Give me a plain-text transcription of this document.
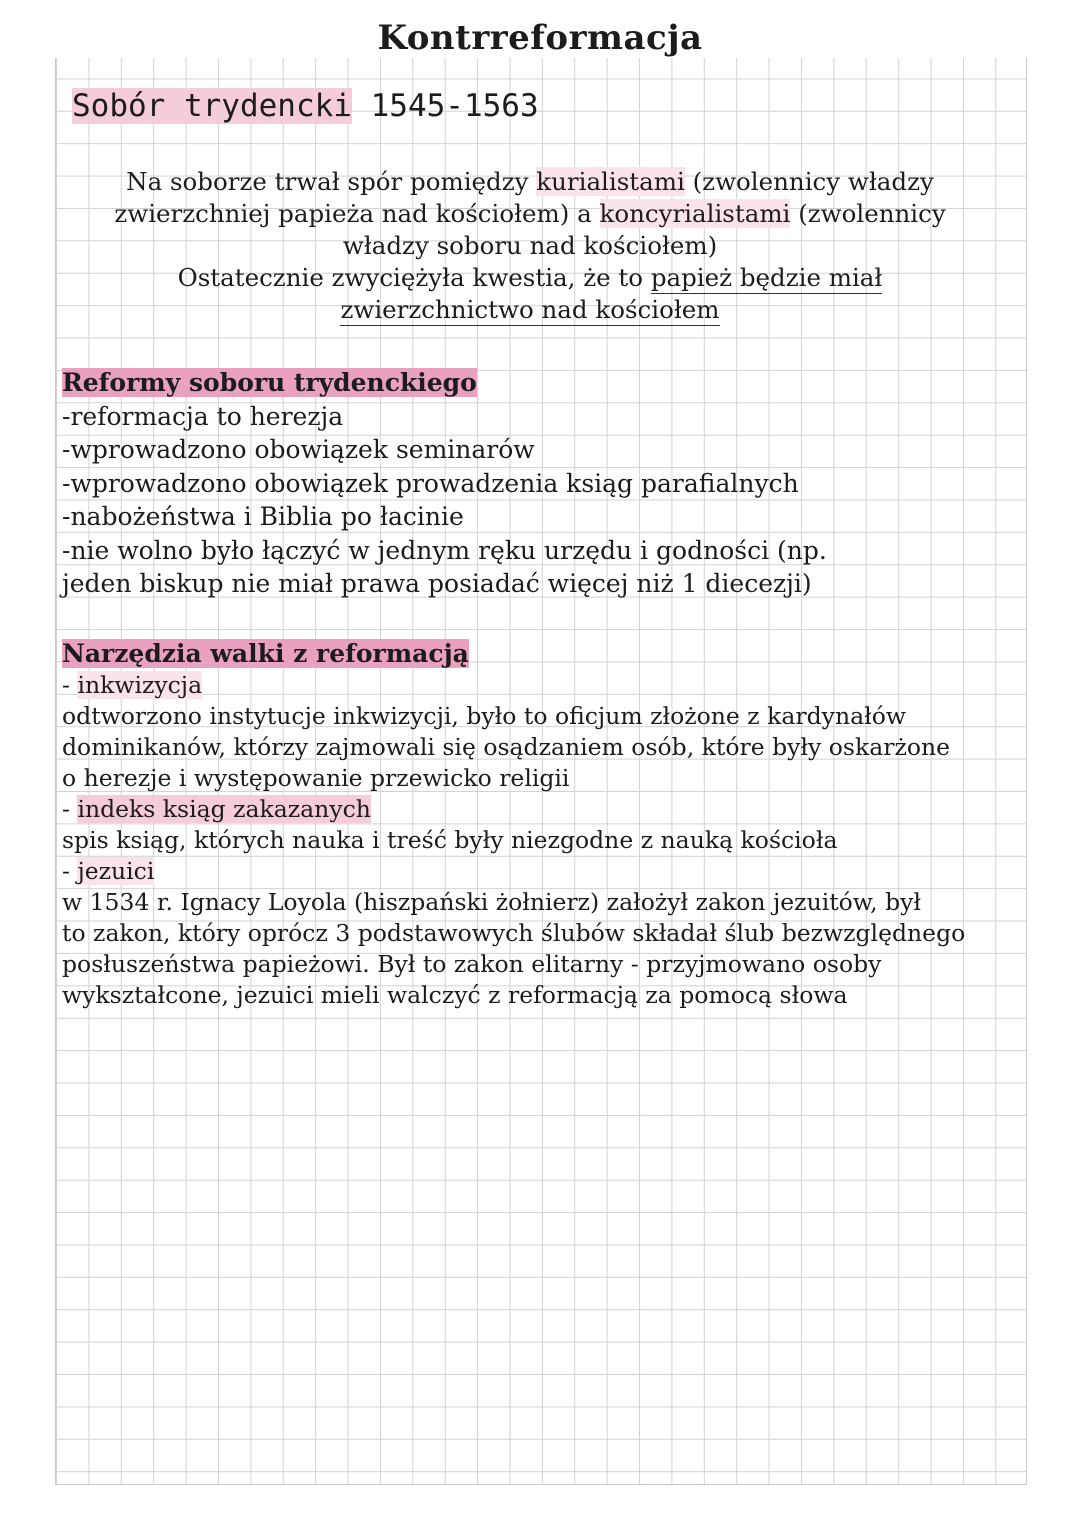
Kontrreformacja
Sobór trydencki 1545-1563
Na soborze trwał spór pomiędzy kurialistami (zwolennicy władzy
zwierzchniej papieża nad kościołem) a koncyrialistami (zwolennicy
władzy soboru nad kościołem)
Ostatecznie zwyciężyła kwestia, że to papież będzie miał
zwierzchnictwo nad kościołem
Reformy soboru trydenckiego
-reformacja to herezja
-wprowadzono obowiązek seminarów
-wprowadzono obowiązek prowadzenia ksiąg parafialnych
-nabożeństwa i Biblia po łacinie
-nie wolno było łączyć w jednym ręku urzędu i godności (np.
jeden biskup nie miał prawa posiadać więcej niż 1 diecezji)
Narzędzia walki z reformacją
- inkwizycja
odtworzono instytucje inkwizycji, było to oficjum złożone z kardynałów
dominikanów, którzy zajmowali się osądzaniem osób, które były oskarżone
o herezje i występowanie przewicko religii
- indeks ksiąg zakazanych
spis ksiąg, których nauka i treść były niezgodne z nauką kościoła
- jezuici
w 1534 r. Ignacy Loyola (hiszpański żołnierz) założył zakon jezuitów, był
to zakon, który oprócz 3 podstawowych ślubów składał ślub bezwzględnego
posłuszeństwa papieżowi. Był to zakon elitarny - przyjmowano osoby
wykształcone, jezuici mieli walczyć z reformacją za pomocą słowa
